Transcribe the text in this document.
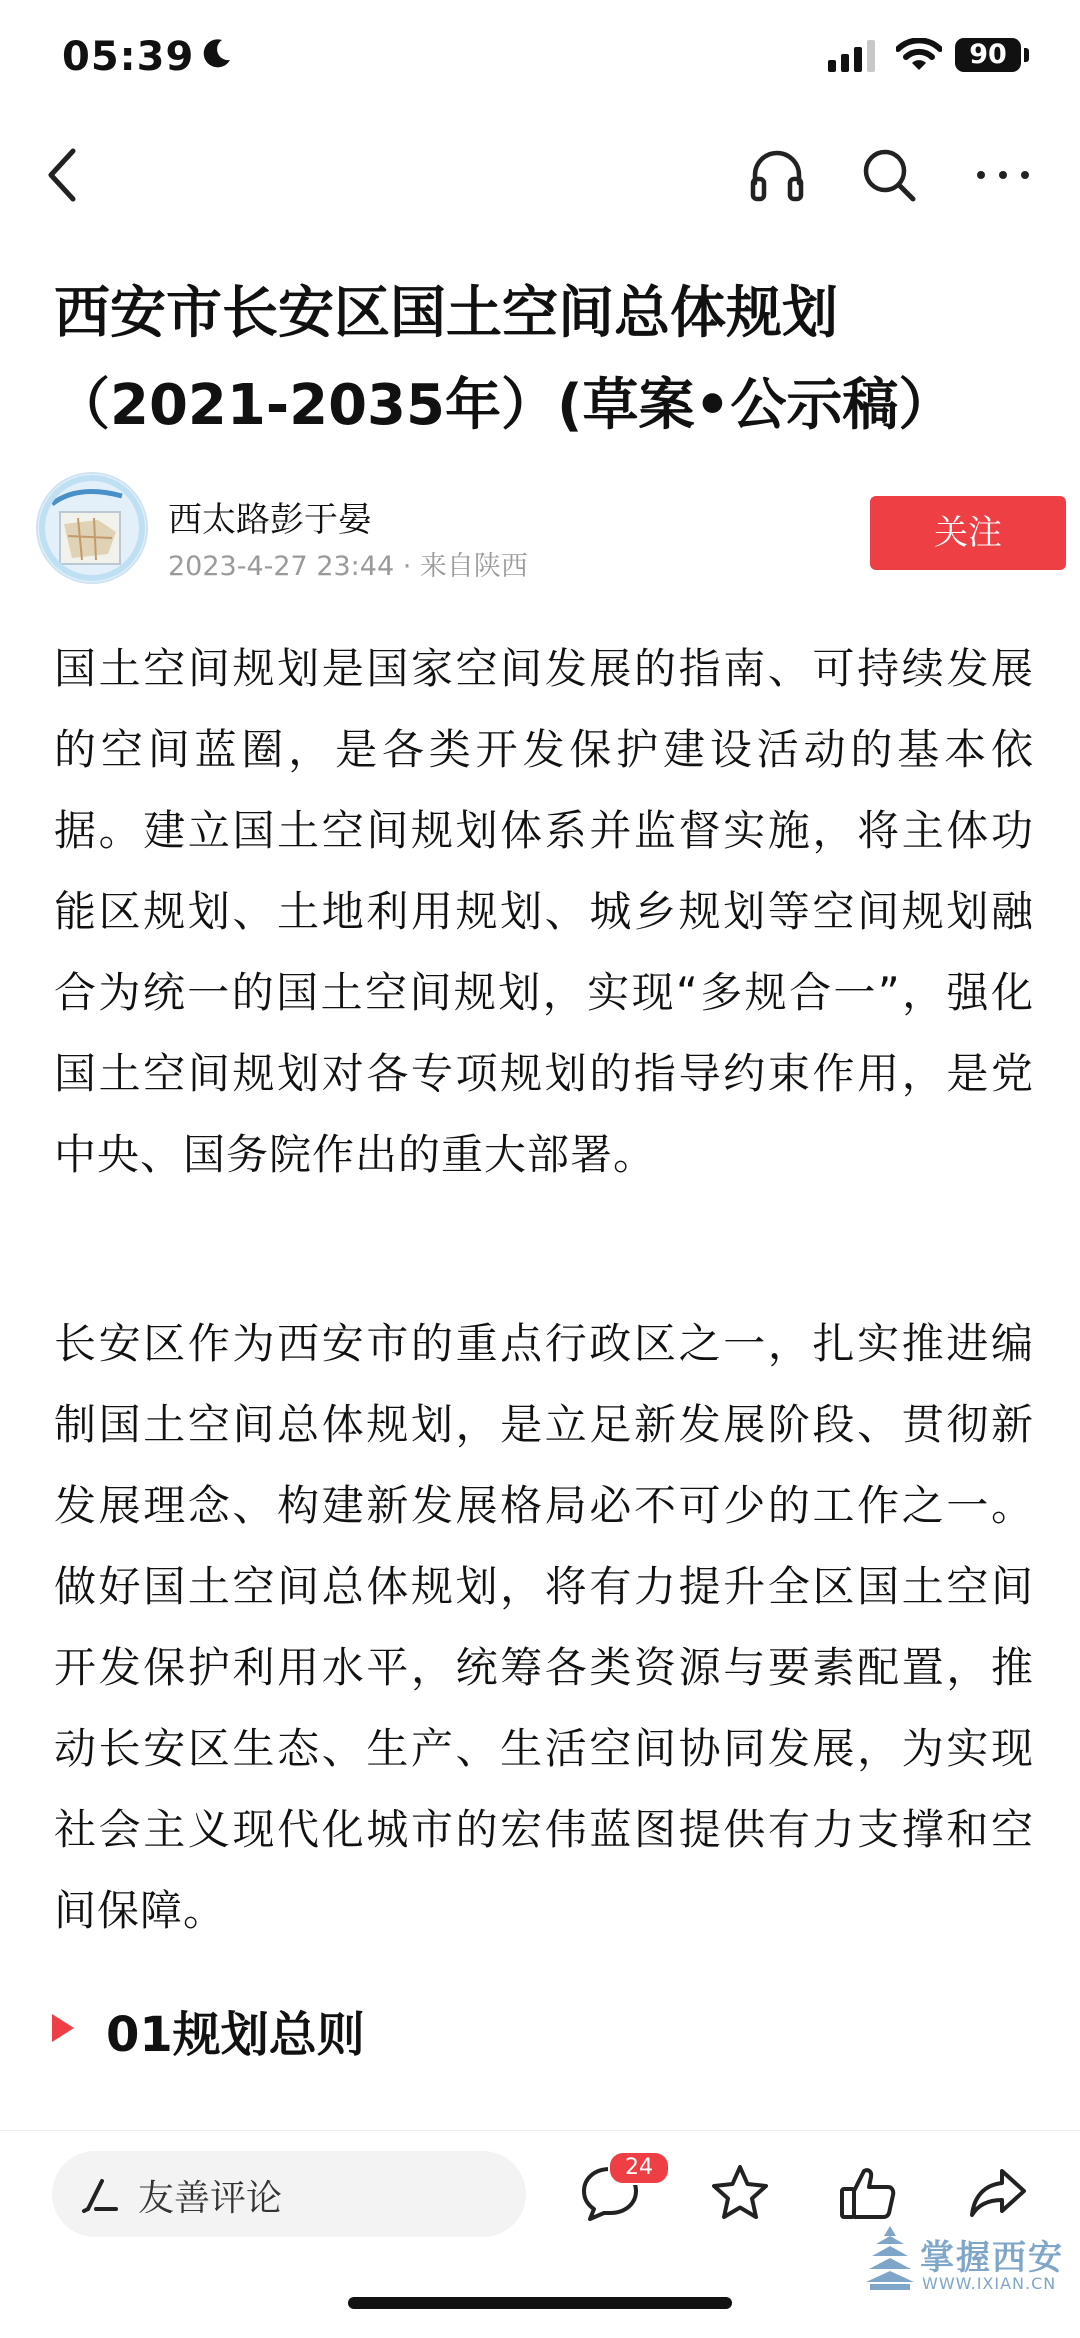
05:39	90
西安市长安区国土空间总体规划
（2021-2035年）(草案•公示稿）
西太路彭于晏
2023-4-27 23:44 · 来自陕西
关注

国土空间规划是国家空间发展的指南、可持续发展的空间蓝圈，是各类开发保护建设活动的基本依据。建立国土空间规划体系并监督实施，将主体功能区规划、土地利用规划、城乡规划等空间规划融合为统一的国土空间规划，实现“多规合一”，强化国土空间规划对各专项规划的指导约束作用，是党中央、国务院作出的重大部署。

长安区作为西安市的重点行政区之一，扎实推进编制国土空间总体规划，是立足新发展阶段、贯彻新发展理念、构建新发展格局必不可少的工作之一。做好国土空间总体规划，将有力提升全区国土空间开发保护利用水平，统筹各类资源与要素配置，推动长安区生态、生产、生活空间协同发展，为实现社会主义现代化城市的宏伟蓝图提供有力支撑和空间保障。

01规划总则
友善评论
24
掌握西安
WWW.IXIAN.CN
